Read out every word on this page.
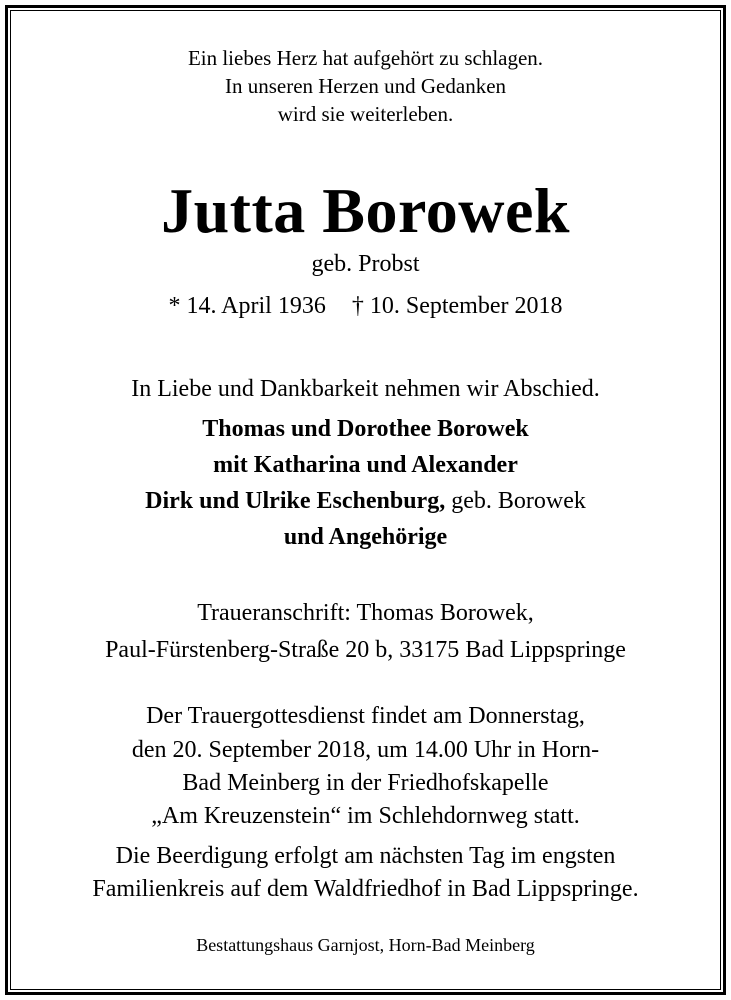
Ein liebes Herz hat aufgehört zu schlagen.
In unseren Herzen und Gedanken
wird sie weiterleben.
Jutta Borowek
geb. Probst
* 14. April 1936 † 10. September 2018
In Liebe und Dankbarkeit nehmen wir Abschied.
Thomas und Dorothee Borowek
mit Katharina und Alexander
Dirk und Ulrike Eschenburg, geb. Borowek
und Angehörige
Traueranschrift: Thomas Borowek,
Paul-Fürstenberg-Straße 20 b, 33175 Bad Lippspringe
Der Trauergottesdienst findet am Donnerstag,
den 20. September 2018, um 14.00 Uhr in Horn-
Bad Meinberg in der Friedhofskapelle
„Am Kreuzenstein“ im Schlehdornweg statt.
Die Beerdigung erfolgt am nächsten Tag im engsten
Familienkreis auf dem Waldfriedhof in Bad Lippspringe.
Bestattungshaus Garnjost, Horn-Bad Meinberg
